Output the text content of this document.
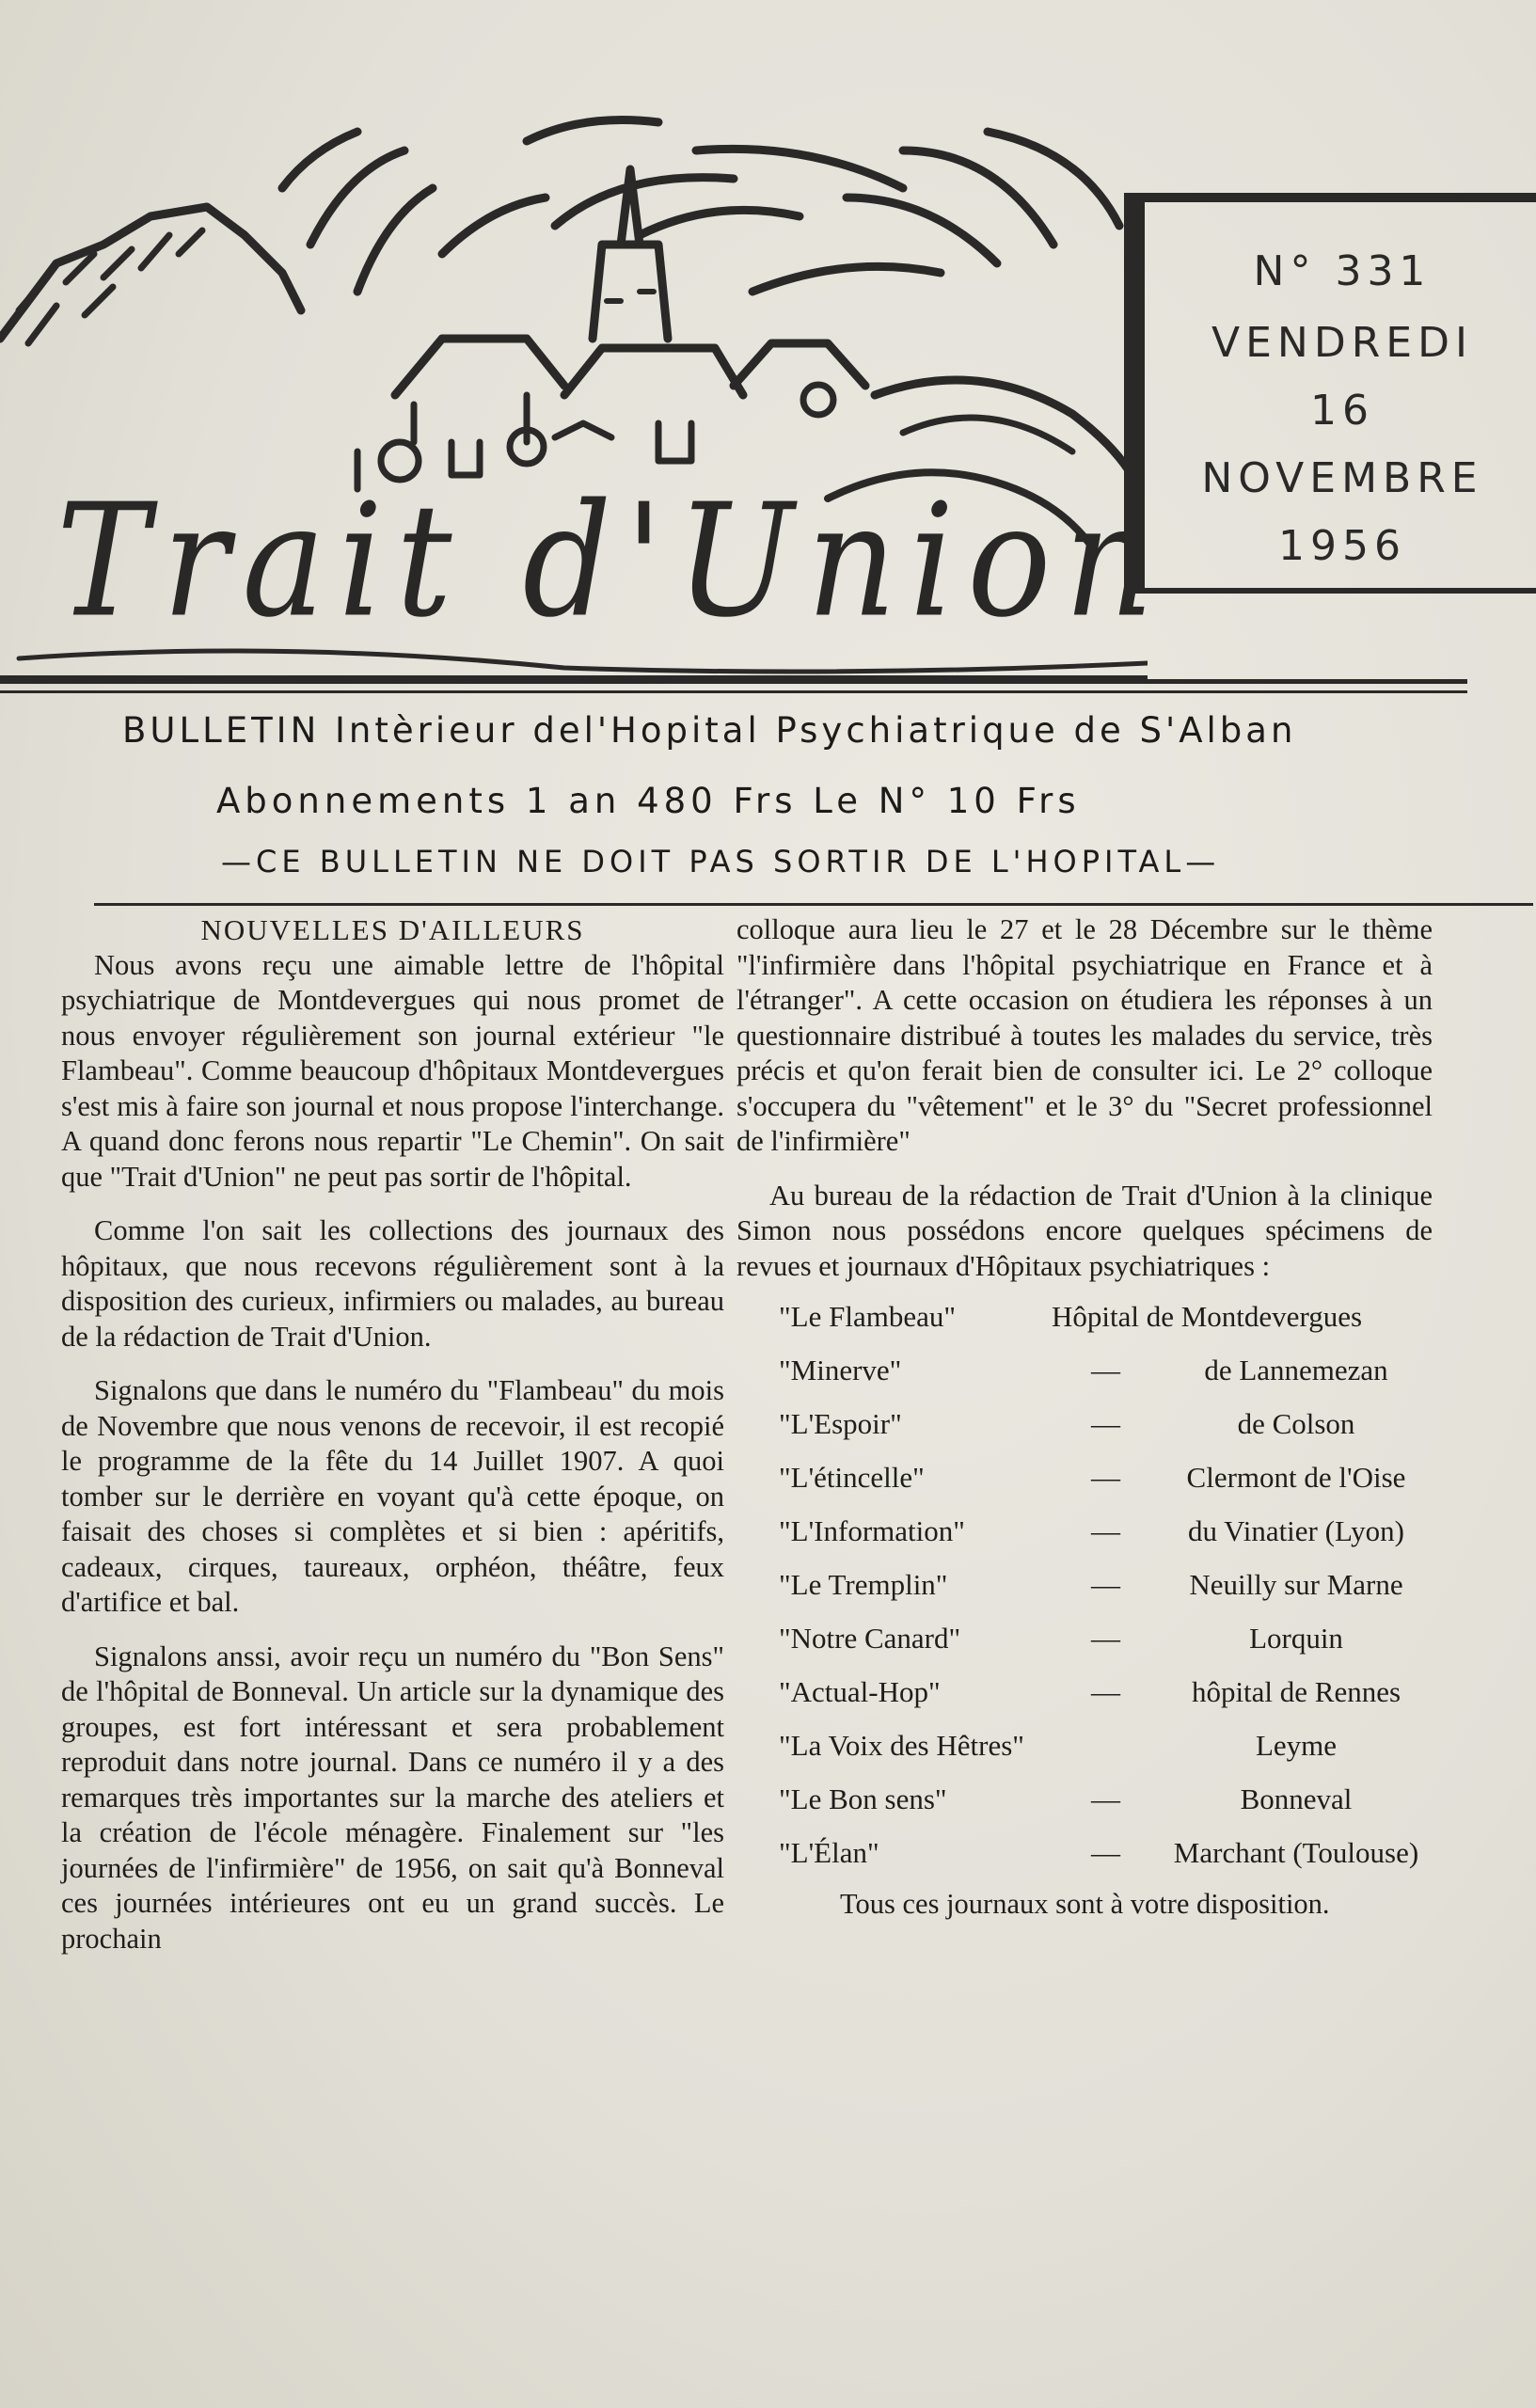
Trait d'Union

N° 331

VENDREDI

16

NOVEMBRE

1956

BULLETIN Intèrieur del'Hopital Psychiatrique de S'Alban
Abonnements 1 an 480 Frs Le N° 10 Frs
—CE BULLETIN NE DOIT PAS SORTIR DE L'HOPITAL—

NOUVELLES D'AILLEURS

Nous avons reçu une aimable lettre de l'hôpital psychiatrique de Montdevergues qui nous promet de nous envoyer régulièrement son journal extérieur "le Flambeau". Comme beaucoup d'hôpitaux Montdevergues s'est mis à faire son journal et nous propose l'interchange. A quand donc ferons nous repartir "Le Chemin". On sait que "Trait d'Union" ne peut pas sortir de l'hôpital.

Comme l'on sait les collections des journaux des hôpitaux, que nous recevons régulièrement sont à la disposition des curieux, infirmiers ou malades, au bureau de la rédaction de Trait d'Union.

Signalons que dans le numéro du "Flambeau" du mois de Novembre que nous venons de recevoir, il est recopié le programme de la fête du 14 Juillet 1907. A quoi tomber sur le derrière en voyant qu'à cette époque, on faisait des choses si complètes et si bien : apéritifs, cadeaux, cirques, taureaux, orphéon, théâtre, feux d'artifice et bal.

Signalons anssi, avoir reçu un numéro du "Bon Sens" de l'hôpital de Bonneval. Un article sur la dynamique des groupes, est fort intéressant et sera probablement reproduit dans notre journal. Dans ce numéro il y a des remarques très importantes sur la marche des ateliers et la création de l'école ménagère. Finalement sur "les journées de l'infirmière" de 1956, on sait qu'à Bonneval ces journées intérieures ont eu un grand succès. Le prochain

colloque aura lieu le 27 et le 28 Décembre sur le thème "l'infirmière dans l'hôpital psychiatrique en France et à l'étranger". A cette occasion on étudiera les réponses à un questionnaire distribué à toutes les malades du service, très précis et qu'on ferait bien de consulter ici. Le 2° colloque s'occupera du "vêtement" et le 3° du "Secret professionnel de l'infirmière"

Au bureau de la rédaction de Trait d'Union à la clinique Simon nous possédons encore quelques spécimens de revues et journaux d'Hôpitaux psychiatriques :

"Le Flambeau"	Hôpital de Montdevergues
"Minerve"	—	de Lannemezan
"L'Espoir"	—	de Colson
"L'étincelle"	—	Clermont de l'Oise
"L'Information"	—	du Vinatier (Lyon)
"Le Tremplin"	—	Neuilly sur Marne
"Notre Canard"	—	Lorquin
"Actual-Hop"	—	hôpital de Rennes
"La Voix des Hêtres"	Leyme
"Le Bon sens"	—	Bonneval
"L'Élan"	—	Marchant (Toulouse)

Tous ces journaux sont à votre disposition.
